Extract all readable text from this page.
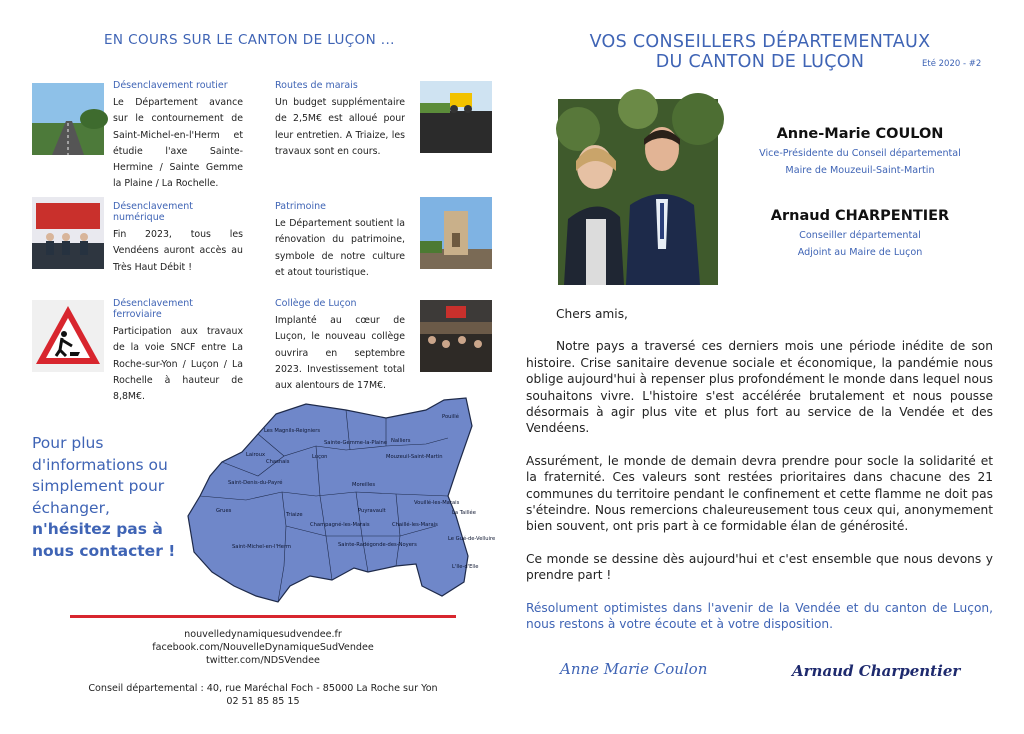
EN COURS SUR LE CANTON DE LUÇON ...

Désenclavement routier

Le Département avance sur le contournement de Saint-Michel-en-l'Herm et étudie l'axe Sainte-Hermine / Sainte Gemme la Plaine / La Rochelle.

Routes de marais

Un budget supplémentaire de 2,5M€ est alloué pour leur entretien. A Triaize, les travaux sont en cours.

Désenclavement numérique

Fin 2023, tous les Vendéens auront accès au Très Haut Débit !

Patrimoine

Le Département soutient la rénovation du patrimoine, symbole de notre culture et atout touristique.

Désenclavement ferroviaire

Participation aux travaux de la voie SNCF entre La Roche-sur-Yon / Luçon / La Rochelle à hauteur de 8,8M€.

Collège de Luçon

Implanté au cœur de Luçon, le nouveau collège ouvrira en septembre 2023. Investissement total aux alentours de 17M€.

Pour plus d'informations ou simplement pour échanger, n'hésitez pas à nous contacter !
Pouillé
Les Magnils-Reigniers
Sainte-Gemme-la-Plaine Nalliers
Lairoux	Luçon	Mouzeuil-Saint-Martin
Chasnais
Saint-Denis-du-Payré	Moreilles
Vouillé-les-Marais
Grues
Triaize
Puyravault	La Taillée
Champagné-les-Marais	Chaillé-les-Marais
Saint-Michel-en-l'Herm	Sainte-Radégonde-des-Noyers
Le Gué-de-Velluire
L'Ile-d'Elle
nouvelledynamiquesudvendee.fr
facebook.com/NouvelleDynamiqueSudVendee
twitter.com/NDSVendee
Conseil départemental : 40, rue Maréchal Foch - 85000 La Roche sur Yon
02 51 85 85 15
VOS CONSEILLERS DÉPARTEMENTAUX
DU CANTON DE LUÇON	Eté 2020 - #2
Anne-Marie COULON
Vice-Présidente du Conseil départemental
Maire de Mouzeuil-Saint-Martin
Arnaud CHARPENTIER
Conseiller départemental
Adjoint au Maire de Luçon

Chers amis,

Notre pays a traversé ces derniers mois une période inédite de son histoire. Crise sanitaire devenue sociale et économique, la pandémie nous oblige aujourd'hui à repenser plus profondément le monde dans lequel nous souhaitons vivre. L'histoire s'est accélérée brutalement et nous pousse désormais à agir plus vite et plus fort au service de la Vendée et des Vendéens.

Assurément, le monde de demain devra prendre pour socle la solidarité et la fraternité. Ces valeurs sont restées prioritaires dans chacune des 21 communes du territoire pendant le confinement et cette flamme ne doit pas s'éteindre. Nous remercions chaleureusement tous ceux qui, anonymement bien souvent, ont pris part à ce formidable élan de générosité.

Ce monde se dessine dès aujourd'hui et c'est ensemble que nous devons y prendre part !

Résolument optimistes dans l'avenir de la Vendée et du canton de Luçon, nous restons à votre écoute et à votre disposition.

Anne Marie Coulon	Arnaud Charpentier
